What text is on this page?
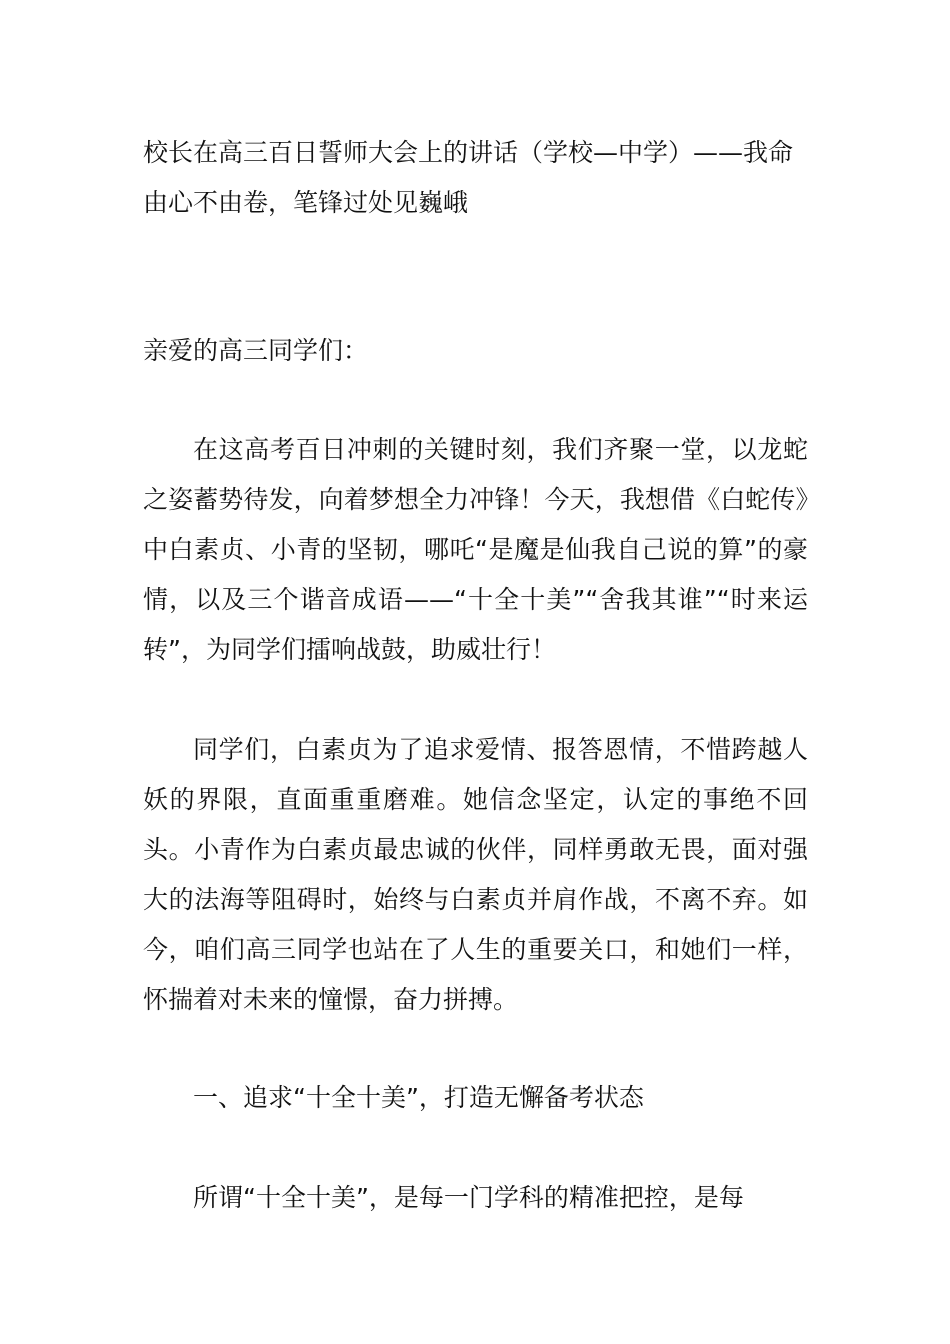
校长在高三百日誓师大会上的讲话（学校—中学）——我命由心不由卷，笔锋过处见巍峨

亲爱的高三同学们：

在这高考百日冲刺的关键时刻，我们齐聚一堂，以龙蛇之姿蓄势待发，向着梦想全力冲锋！今天，我想借《白蛇传》中白素贞、小青的坚韧，哪吒“是魔是仙我自己说的算”的豪情，以及三个谐音成语——“十全十美”“舍我其谁”“时来运转”，为同学们擂响战鼓，助威壮行！

同学们，白素贞为了追求爱情、报答恩情，不惜跨越人妖的界限，直面重重磨难。她信念坚定，认定的事绝不回头。小青作为白素贞最忠诚的伙伴，同样勇敢无畏，面对强大的法海等阻碍时，始终与白素贞并肩作战，不离不弃。如今，咱们高三同学也站在了人生的重要关口，和她们一样，怀揣着对未来的憧憬，奋力拼搏。

一、追求“十全十美”，打造无懈备考状态

所谓“十全十美”，是每一门学科的精准把控，是每
